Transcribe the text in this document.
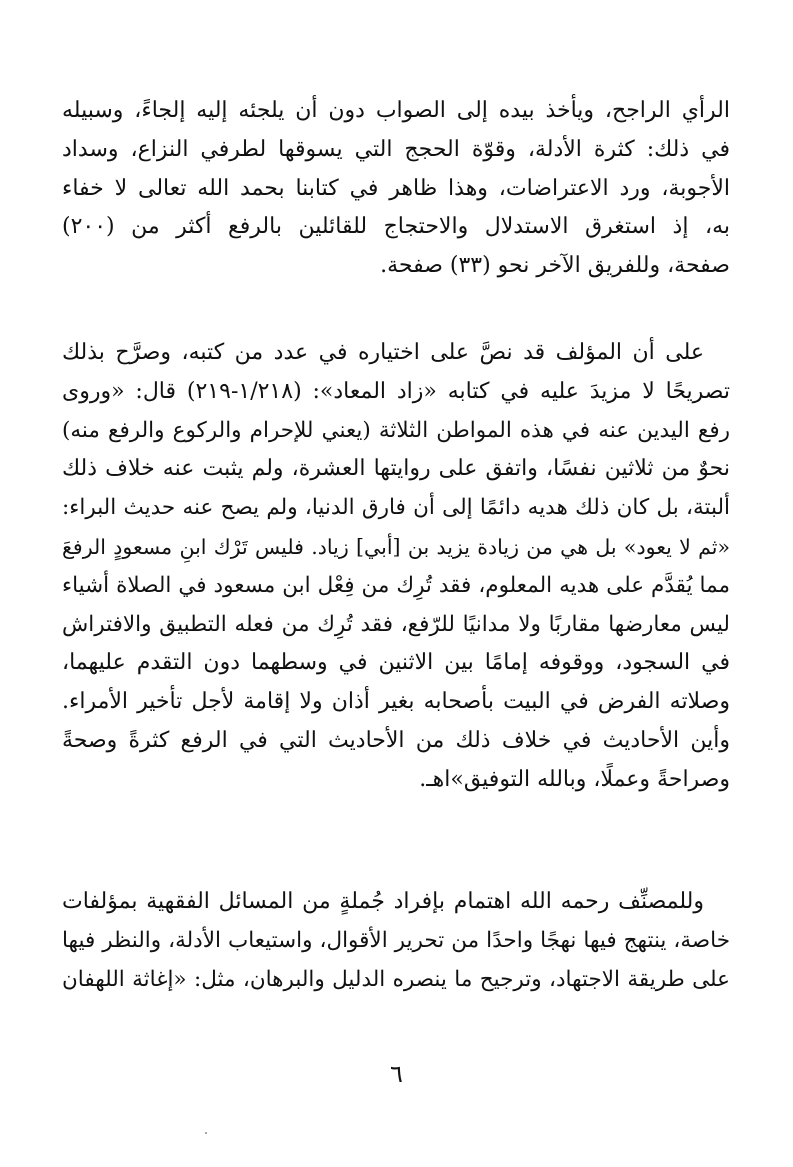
الرأي الراجح، ويأخذ بيده إلى الصواب دون أن يلجئه إليه إلجاءً، وسبيله
في ذلك: كثرة الأدلة، وقوّة الحجج التي يسوقها لطرفي النزاع، وسداد
الأجوبة، ورد الاعتراضات، وهذا ظاهر في كتابنا بحمد الله تعالى لا خفاء
به، إذ استغرق الاستدلال والاحتجاج للقائلين بالرفع أكثر من (٢٠٠)
صفحة، وللفريق الآخر نحو (٣٣) صفحة.
على أن المؤلف قد نصَّ على اختياره في عدد من كتبه، وصرَّح بذلك
تصريحًا لا مزيدَ عليه في كتابه «زاد المعاد»: (١/٢١٨-٢١٩) قال: «وروى
رفع اليدين عنه في هذه المواطن الثلاثة (يعني للإحرام والركوع والرفع منه)
نحوٌ من ثلاثين نفسًا، واتفق على روايتها العشرة، ولم يثبت عنه خلاف ذلك
ألبتة، بل كان ذلك هديه دائمًا إلى أن فارق الدنيا، ولم يصح عنه حديث البراء:
«ثم لا يعود» بل هي من زيادة يزيد بن [أبي] زياد. فليس تَرْك ابنِ مسعودٍ الرفعَ
مما يُقدَّم على هديه المعلوم، فقد تُرِك من فِعْل ابن مسعود في الصلاة أشياء
ليس معارضها مقاربًا ولا مدانيًا للرّفع، فقد تُرِك من فعله التطبيق والافتراش
في السجود، ووقوفه إمامًا بين الاثنين في وسطهما دون التقدم عليهما،
وصلاته الفرض في البيت بأصحابه بغير أذان ولا إقامة لأجل تأخير الأمراء.
وأين الأحاديث في خلاف ذلك من الأحاديث التي في الرفع كثرةً وصحةً
وصراحةً وعملًا، وبالله التوفيق»اهـ.
وللمصنِّف رحمه الله اهتمام بإفراد جُملةٍ من المسائل الفقهية بمؤلفات
خاصة، ينتهج فيها نهجًا واحدًا من تحرير الأقوال، واستيعاب الأدلة، والنظر فيها
على طريقة الاجتهاد، وترجيح ما ينصره الدليل والبرهان، مثل: «إغاثة اللهفان
٦
